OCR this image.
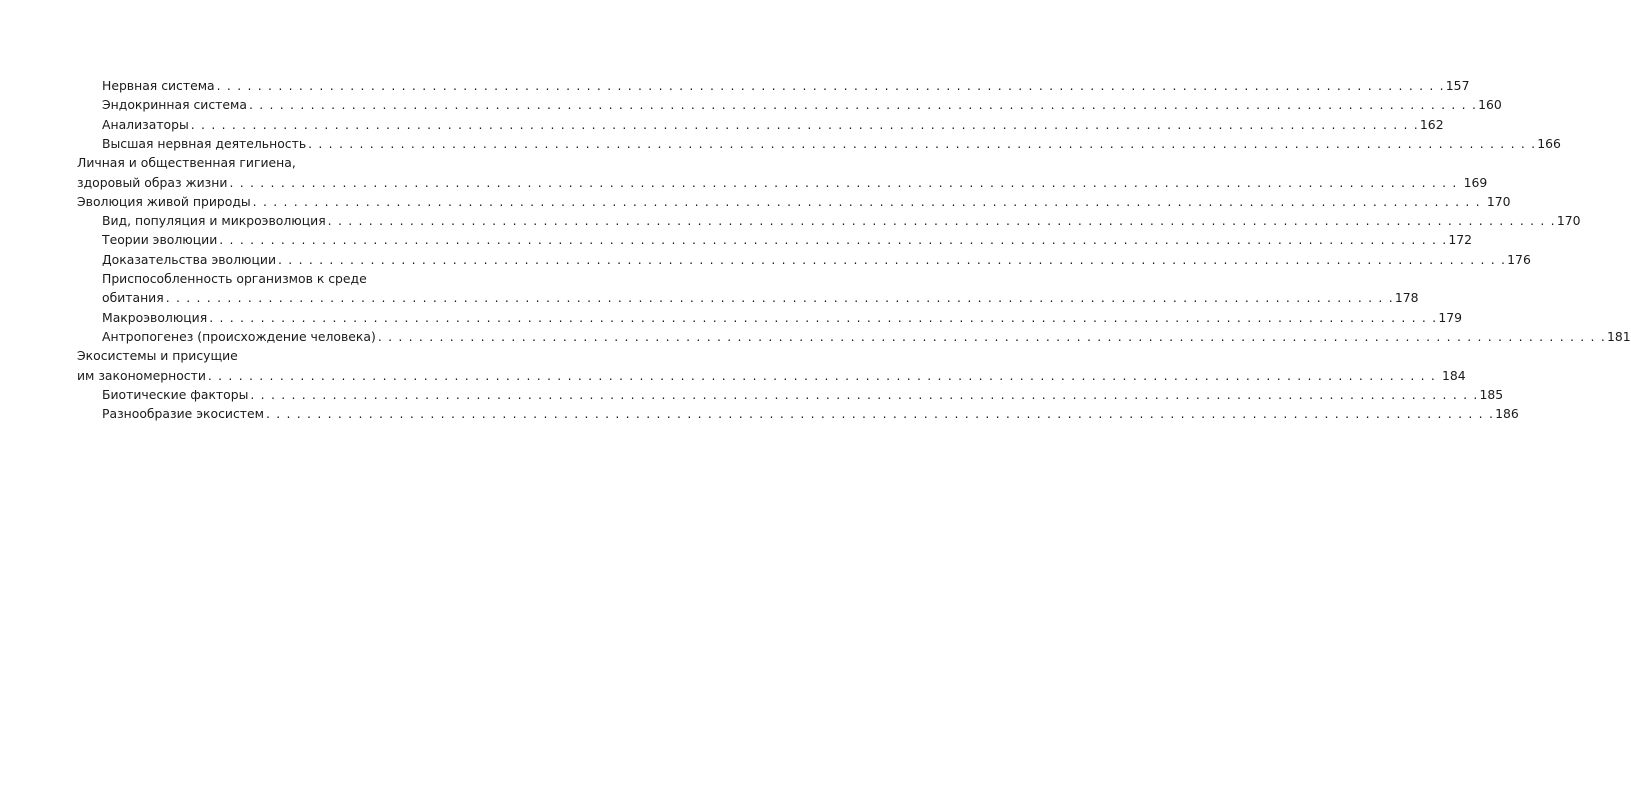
Нервная система . . . . . . . . . . . . . . . . . . . . . . . . . . . . . . . . . . . . . . . . . . . . . . . . . . . . . . . . . . . . . . . . . . . . . . . . . . . . . . . . . . . . . . . . . . . . . . . . . . . . . . . . . . . . . . . . . . . . . . . . 157
Эндокринная система . . . . . . . . . . . . . . . . . . . . . . . . . . . . . . . . . . . . . . . . . . . . . . . . . . . . . . . . . . . . . . . . . . . . . . . . . . . . . . . . . . . . . . . . . . . . . . . . . . . . . . . . . . . . . . . . . . . . . . . . 160
Анализаторы . . . . . . . . . . . . . . . . . . . . . . . . . . . . . . . . . . . . . . . . . . . . . . . . . . . . . . . . . . . . . . . . . . . . . . . . . . . . . . . . . . . . . . . . . . . . . . . . . . . . . . . . . . . . . . . . . . . . . . . . 162
Высшая нервная деятельность . . . . . . . . . . . . . . . . . . . . . . . . . . . . . . . . . . . . . . . . . . . . . . . . . . . . . . . . . . . . . . . . . . . . . . . . . . . . . . . . . . . . . . . . . . . . . . . . . . . . . . . . . . . . . . . . . . . . . . . . 166
Личная и общественная гигиена,
здоровый образ жизни . . . . . . . . . . . . . . . . . . . . . . . . . . . . . . . . . . . . . . . . . . . . . . . . . . . . . . . . . . . . . . . . . . . . . . . . . . . . . . . . . . . . . . . . . . . . . . . . . . . . . . . . . . . . . . . . . . . . . . . . 169
Эволюция живой природы . . . . . . . . . . . . . . . . . . . . . . . . . . . . . . . . . . . . . . . . . . . . . . . . . . . . . . . . . . . . . . . . . . . . . . . . . . . . . . . . . . . . . . . . . . . . . . . . . . . . . . . . . . . . . . . . . . . . . . . . 170
Вид, популяция и микроэволюция . . . . . . . . . . . . . . . . . . . . . . . . . . . . . . . . . . . . . . . . . . . . . . . . . . . . . . . . . . . . . . . . . . . . . . . . . . . . . . . . . . . . . . . . . . . . . . . . . . . . . . . . . . . . . . . . . . . . . . . . 170
Теории эволюции . . . . . . . . . . . . . . . . . . . . . . . . . . . . . . . . . . . . . . . . . . . . . . . . . . . . . . . . . . . . . . . . . . . . . . . . . . . . . . . . . . . . . . . . . . . . . . . . . . . . . . . . . . . . . . . . . . . . . . . . 172
Доказательства эволюции . . . . . . . . . . . . . . . . . . . . . . . . . . . . . . . . . . . . . . . . . . . . . . . . . . . . . . . . . . . . . . . . . . . . . . . . . . . . . . . . . . . . . . . . . . . . . . . . . . . . . . . . . . . . . . . . . . . . . . . . 176
Приспособленность организмов к среде
обитания . . . . . . . . . . . . . . . . . . . . . . . . . . . . . . . . . . . . . . . . . . . . . . . . . . . . . . . . . . . . . . . . . . . . . . . . . . . . . . . . . . . . . . . . . . . . . . . . . . . . . . . . . . . . . . . . . . . . . . . . 178
Макроэволюция . . . . . . . . . . . . . . . . . . . . . . . . . . . . . . . . . . . . . . . . . . . . . . . . . . . . . . . . . . . . . . . . . . . . . . . . . . . . . . . . . . . . . . . . . . . . . . . . . . . . . . . . . . . . . . . . . . . . . . . . 179
Антропогенез (происхождение человека) . . . . . . . . . . . . . . . . . . . . . . . . . . . . . . . . . . . . . . . . . . . . . . . . . . . . . . . . . . . . . . . . . . . . . . . . . . . . . . . . . . . . . . . . . . . . . . . . . . . . . . . . . . . . . . . . . . . . . . . . 181
Экосистемы и присущие
им закономерности . . . . . . . . . . . . . . . . . . . . . . . . . . . . . . . . . . . . . . . . . . . . . . . . . . . . . . . . . . . . . . . . . . . . . . . . . . . . . . . . . . . . . . . . . . . . . . . . . . . . . . . . . . . . . . . . . . . . . . . . 184
Биотические факторы . . . . . . . . . . . . . . . . . . . . . . . . . . . . . . . . . . . . . . . . . . . . . . . . . . . . . . . . . . . . . . . . . . . . . . . . . . . . . . . . . . . . . . . . . . . . . . . . . . . . . . . . . . . . . . . . . . . . . . . . 185
Разнообразие экосистем . . . . . . . . . . . . . . . . . . . . . . . . . . . . . . . . . . . . . . . . . . . . . . . . . . . . . . . . . . . . . . . . . . . . . . . . . . . . . . . . . . . . . . . . . . . . . . . . . . . . . . . . . . . . . . . . . . . . . . . . 186
